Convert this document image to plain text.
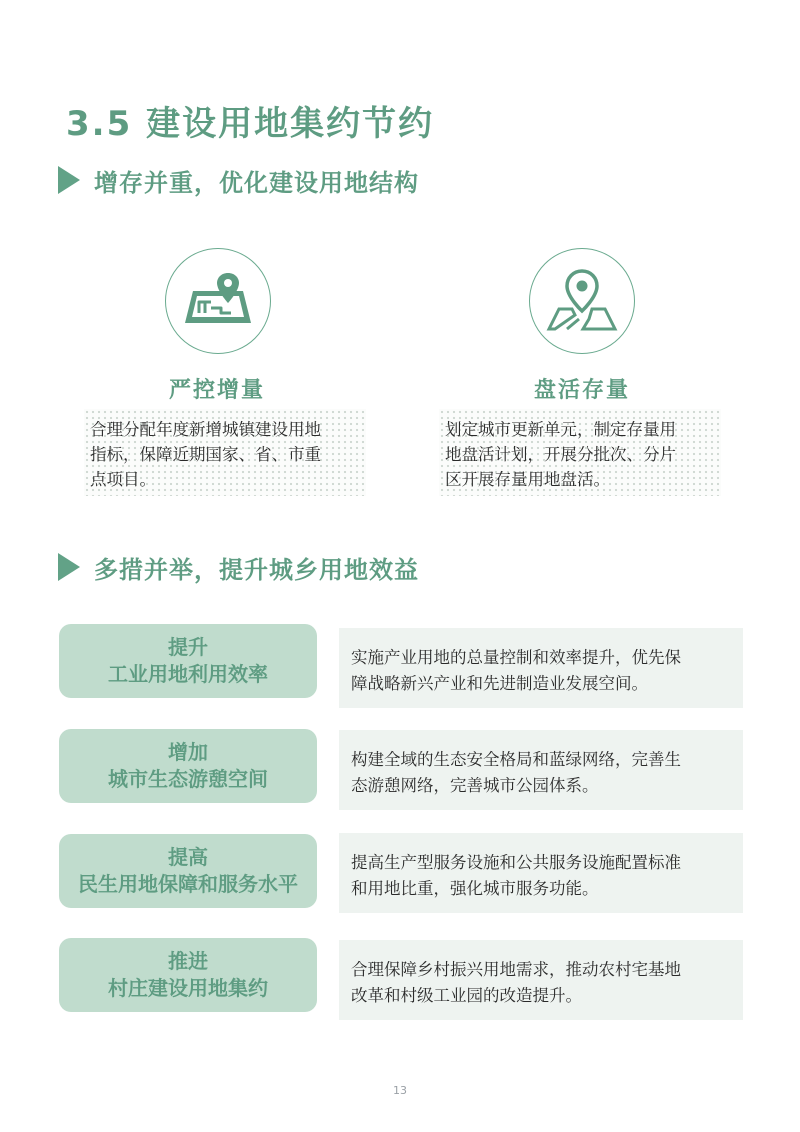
3.5 建设用地集约节约
增存并重，优化建设用地结构
严控增量
合理分配年度新增城镇建设用地
指标，保障近期国家、省、市重
点项目。
盘活存量
划定城市更新单元，制定存量用
地盘活计划，开展分批次、分片
区开展存量用地盘活。
多措并举，提升城乡用地效益
提升
工业用地利用效率
实施产业用地的总量控制和效率提升，优先保
障战略新兴产业和先进制造业发展空间。
增加
城市生态游憩空间
构建全域的生态安全格局和蓝绿网络，完善生
态游憩网络，完善城市公园体系。
提高
民生用地保障和服务水平
提高生产型服务设施和公共服务设施配置标准
和用地比重，强化城市服务功能。
推进
村庄建设用地集约
合理保障乡村振兴用地需求，推动农村宅基地
改革和村级工业园的改造提升。
13
